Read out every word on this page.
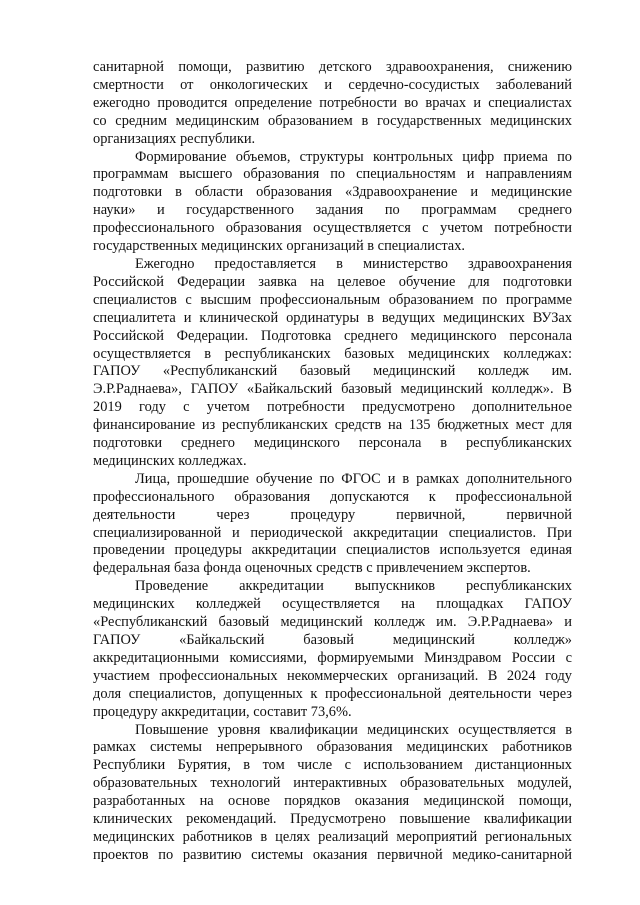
санитарной помощи, развитию детского здравоохранения, снижению
смертности от онкологических и сердечно-сосудистых заболеваний
ежегодно проводится определение потребности во врачах и специалистах
со средним медицинским образованием в государственных медицинских
организациях республики.
Формирование объемов, структуры контрольных цифр приема по
программам высшего образования по специальностям и направлениям
подготовки в области образования «Здравоохранение и медицинские
науки» и государственного задания по программам среднего
профессионального образования осуществляется с учетом потребности
государственных медицинских организаций в специалистах.
Ежегодно предоставляется в министерство здравоохранения
Российской Федерации заявка на целевое обучение для подготовки
специалистов с высшим профессиональным образованием по программе
специалитета и клинической ординатуры в ведущих медицинских ВУЗах
Российской Федерации. Подготовка среднего медицинского персонала
осуществляется в республиканских базовых медицинских колледжах:
ГАПОУ «Республиканский базовый медицинский колледж им.
Э.Р.Раднаева», ГАПОУ «Байкальский базовый медицинский колледж». В
2019 году с учетом потребности предусмотрено дополнительное
финансирование из республиканских средств на 135 бюджетных мест для
подготовки среднего медицинского персонала в республиканских
медицинских колледжах.
Лица, прошедшие обучение по ФГОС и в рамках дополнительного
профессионального образования допускаются к профессиональной
деятельности через процедуру первичной, первичной
специализированной и периодической аккредитации специалистов. При
проведении процедуры аккредитации специалистов используется единая
федеральная база фонда оценочных средств с привлечением экспертов.
Проведение аккредитации выпускников республиканских
медицинских колледжей осуществляется на площадках ГАПОУ
«Республиканский базовый медицинский колледж им. Э.Р.Раднаева» и
ГАПОУ «Байкальский базовый медицинский колледж»
аккредитационными комиссиями, формируемыми Минздравом России с
участием профессиональных некоммерческих организаций. В 2024 году
доля специалистов, допущенных к профессиональной деятельности через
процедуру аккредитации, составит 73,6%.
Повышение уровня квалификации медицинских осуществляется в
рамках системы непрерывного образования медицинских работников
Республики Бурятия, в том числе с использованием дистанционных
образовательных технологий интерактивных образовательных модулей,
разработанных на основе порядков оказания медицинской помощи,
клинических рекомендаций. Предусмотрено повышение квалификации
медицинских работников в целях реализаций мероприятий региональных
проектов по развитию системы оказания первичной медико-санитарной
